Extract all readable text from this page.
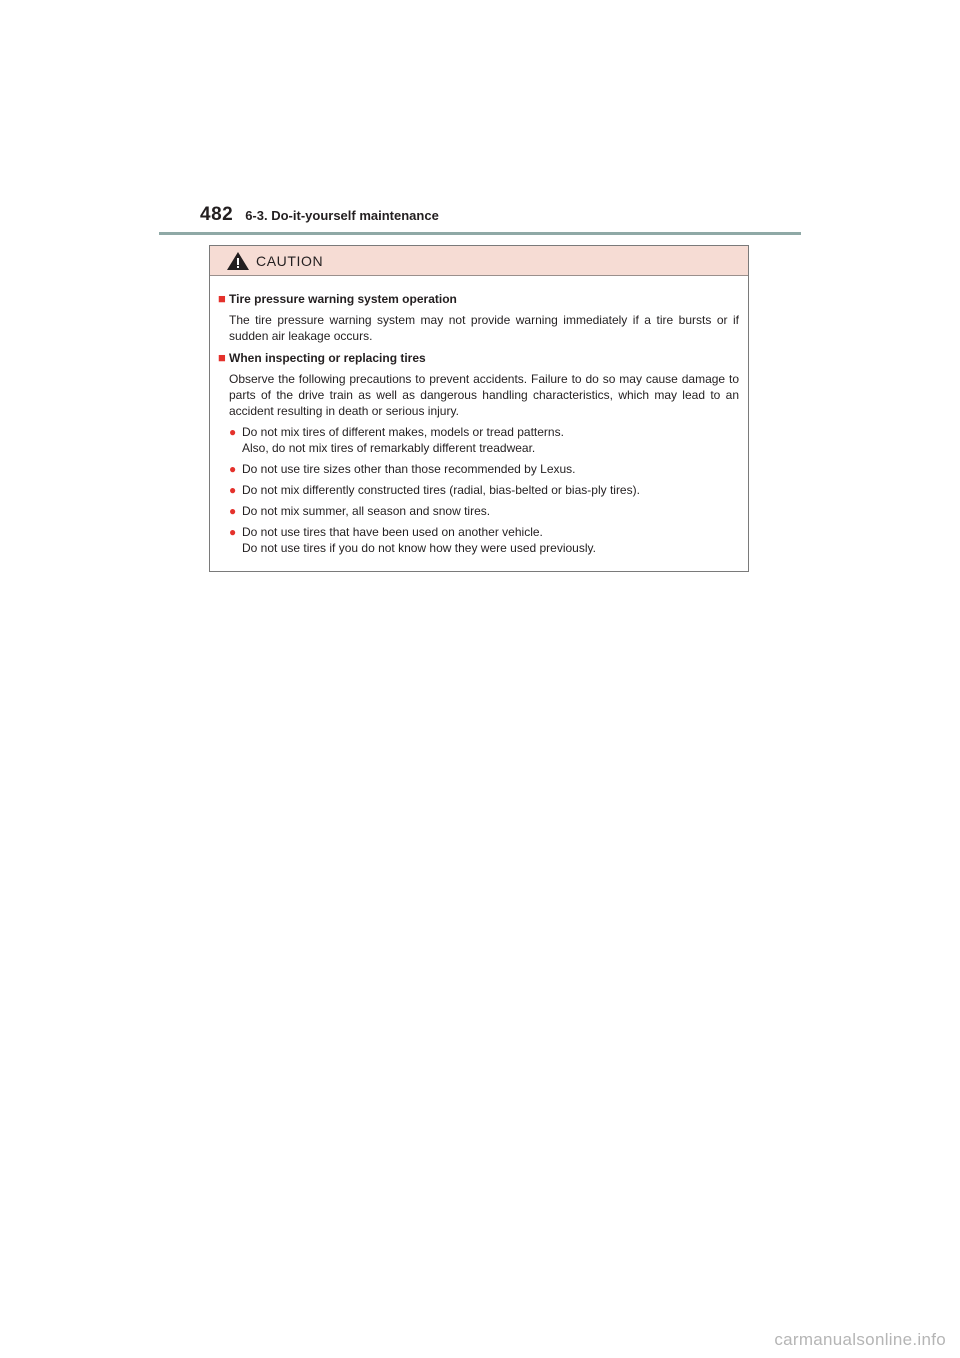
482 6-3. Do-it-yourself maintenance
CAUTION
■ Tire pressure warning system operation
The tire pressure warning system may not provide warning immediately if a tire bursts or if sudden air leakage occurs.
■ When inspecting or replacing tires
Observe the following precautions to prevent accidents. Failure to do so may cause damage to parts of the drive train as well as dangerous handling characteristics, which may lead to an accident resulting in death or serious injury.
● Do not mix tires of different makes, models or tread patterns.
Also, do not mix tires of remarkably different treadwear.
● Do not use tire sizes other than those recommended by Lexus.
● Do not mix differently constructed tires (radial, bias-belted or bias-ply tires).
● Do not mix summer, all season and snow tires.
● Do not use tires that have been used on another vehicle.
Do not use tires if you do not know how they were used previously.
carmanualsonline.info
